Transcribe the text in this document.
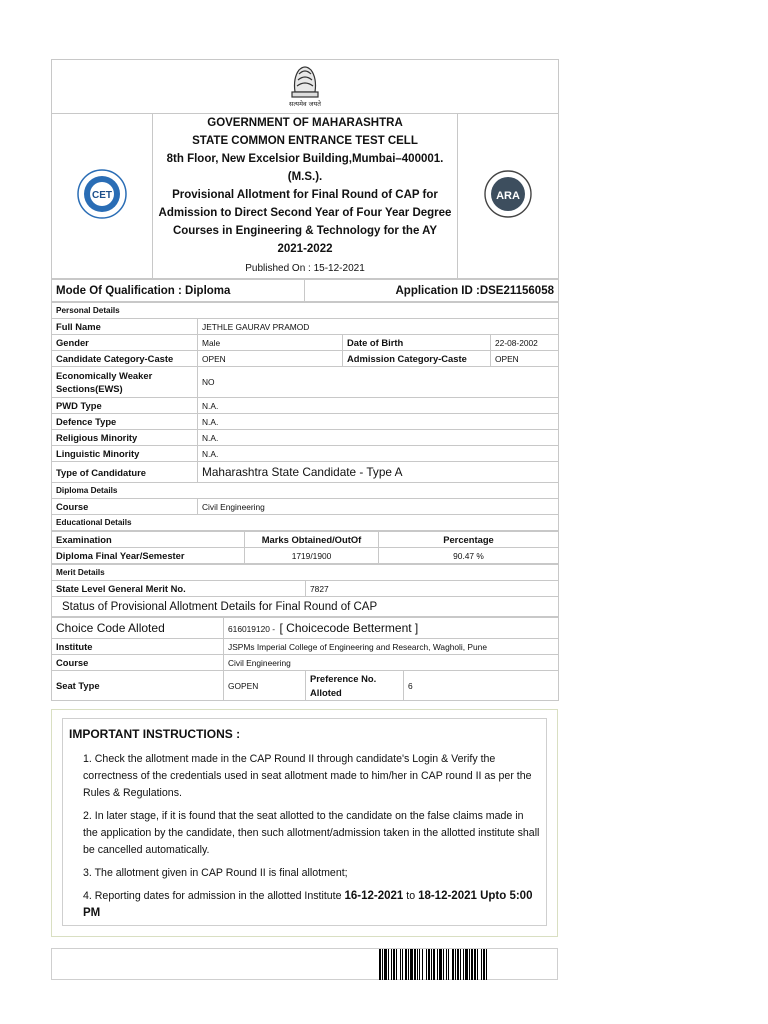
सत्यमेव जयते

CET

GOVERNMENT OF MAHARASHTRA
STATE COMMON ENTRANCE TEST CELL
8th Floor, New Excelsior Building,Mumbai–400001. (M.S.).
Provisional Allotment for Final Round of CAP for Admission to Direct Second Year of Four Year Degree Courses in Engineering & Technology for the AY 2021-2022
Published On : 15-12-2021

ARA
Mode Of Qualification : Diploma	Application ID :DSE21156058
Personal Details			
Full Name	JETHLE GAURAV PRAMOD		
Gender	Male	Date of Birth	22-08-2002
Candidate Category-Caste	OPEN	Admission Category-Caste	OPEN
Economically Weaker Sections(EWS)	NO		
PWD Type	N.A.		
Defence Type	N.A.		
Religious Minority	N.A.		
Linguistic Minority	N.A.		
Type of Candidature	Maharashtra State Candidate - Type A		
Diploma Details			
Course	Civil Engineering		
Educational Details			
Examination	Marks Obtained/OutOf	Percentage
Diploma Final Year/Semester	1719/1900	90.47 %
Merit Details
State Level General Merit No.	7827
Status of Provisional Allotment Details for Final Round of CAP
Choice Code Alloted	616019120 - [ Choicecode Betterment ]		
Institute	JSPMs Imperial College of Engineering and Research, Wagholi, Pune		
Course	Civil Engineering		
Seat Type	GOPEN	Preference No. Alloted	6
IMPORTANT INSTRUCTIONS :

1. Check the allotment made in the CAP Round II through candidate's Login & Verify the correctness of the credentials used in seat allotment made to him/her in CAP round II as per the Rules & Regulations.

2. In later stage, if it is found that the seat allotted to the candidate on the false claims made in the application by the candidate, then such allotment/admission taken in the allotted institute shall be cancelled automatically.

3. The allotment given in CAP Round II is final allotment;

4. Reporting dates for admission in the allotted Institute 16-12-2021 to 18-12-2021 Upto 5:00 PM
